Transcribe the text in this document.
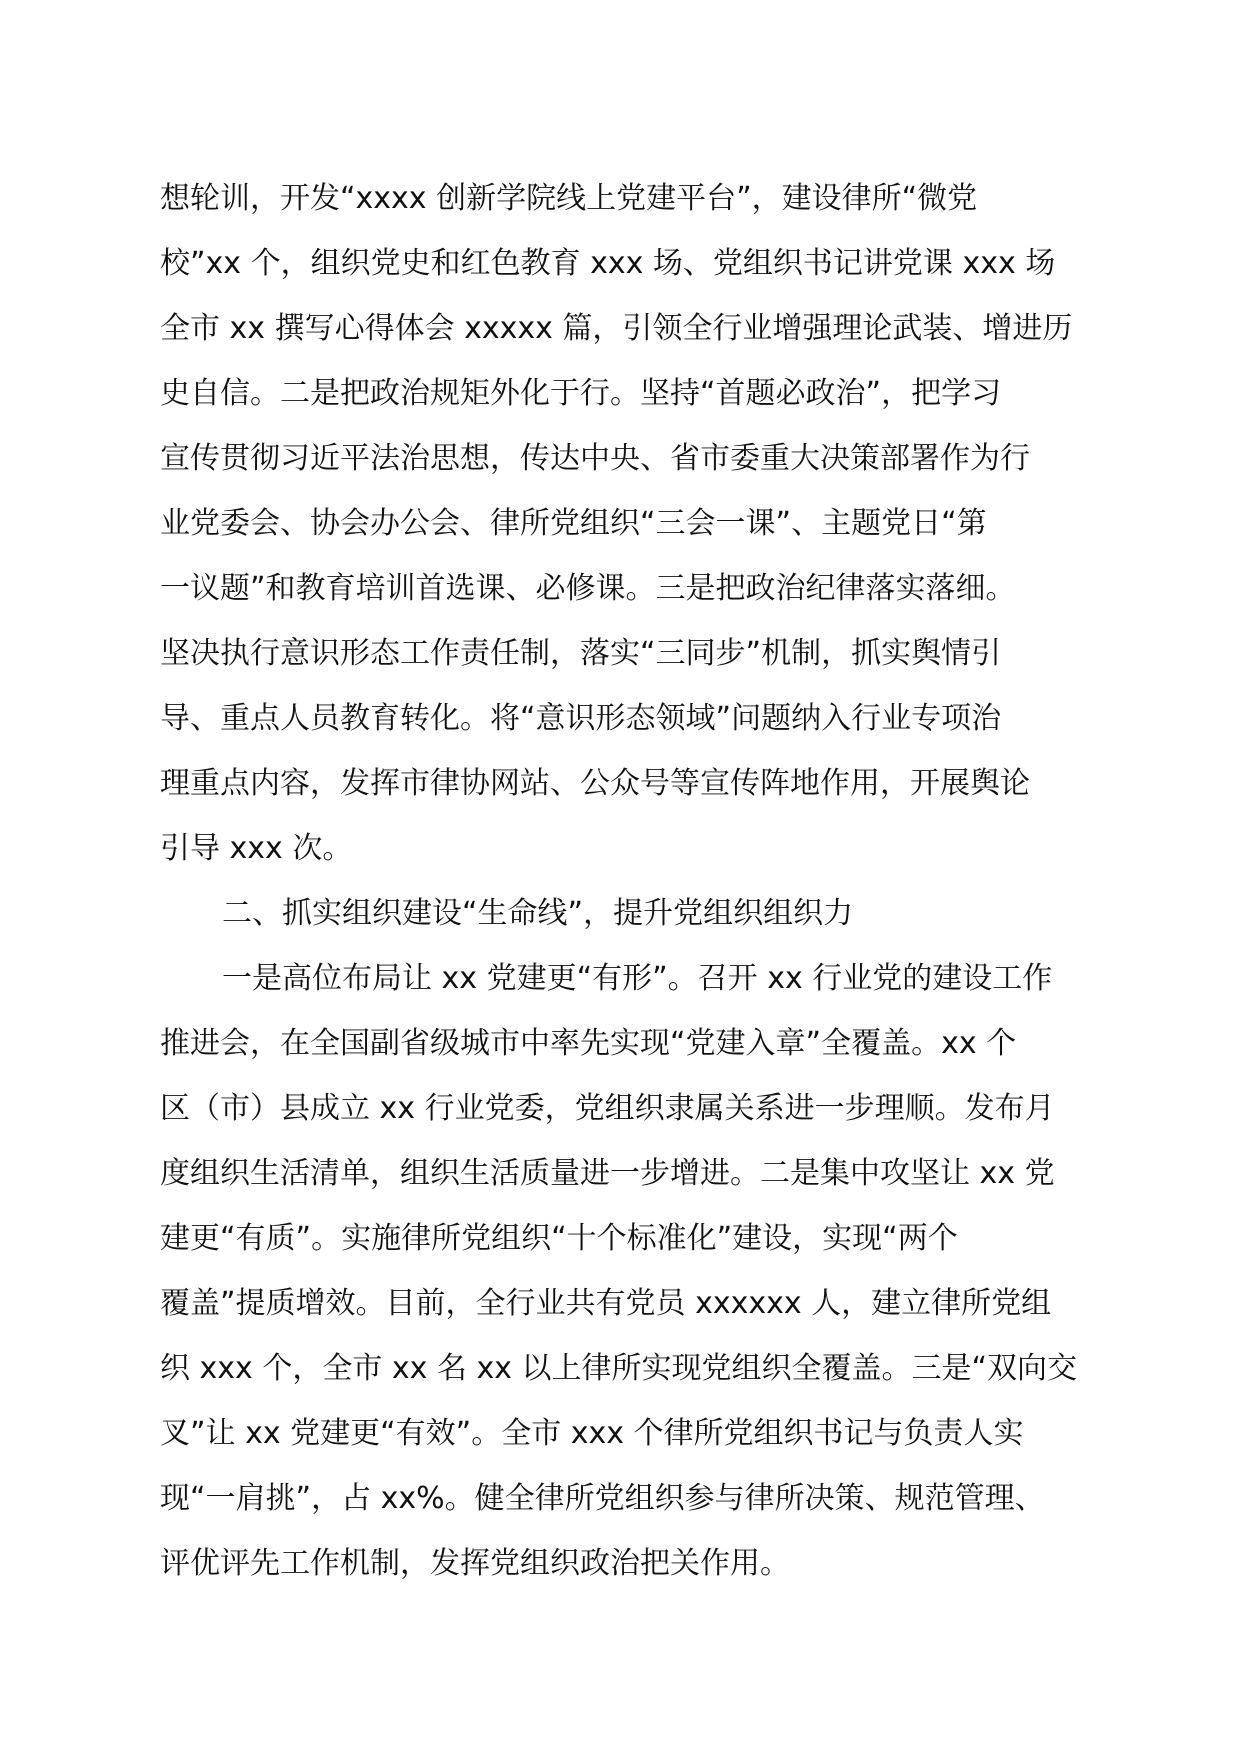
想轮训，开发“xxxx 创新学院线上党建平台”，建设律所“微党
校”xx 个，组织党史和红色教育 xxx 场、党组织书记讲党课 xxx 场
全市 xx 撰写心得体会 xxxxx 篇，引领全行业增强理论武装、增进历
史自信。二是把政治规矩外化于行。坚持“首题必政治”，把学习
宣传贯彻习近平法治思想，传达中央、省市委重大决策部署作为行
业党委会、协会办公会、律所党组织“三会一课”、主题党日“第
一议题”和教育培训首选课、必修课。三是把政治纪律落实落细。
坚决执行意识形态工作责任制，落实“三同步”机制，抓实舆情引
导、重点人员教育转化。将“意识形态领域”问题纳入行业专项治
理重点内容，发挥市律协网站、公众号等宣传阵地作用，开展舆论
引导 xxx 次。
二、抓实组织建设“生命线”，提升党组织组织力
一是高位布局让 xx 党建更“有形”。召开 xx 行业党的建设工作
推进会，在全国副省级城市中率先实现“党建入章”全覆盖。xx 个
区（市）县成立 xx 行业党委，党组织隶属关系进一步理顺。发布月
度组织生活清单，组织生活质量进一步增进。二是集中攻坚让 xx 党
建更“有质”。实施律所党组织“十个标准化”建设，实现“两个
覆盖”提质增效。目前，全行业共有党员 xxxxxx 人，建立律所党组
织 xxx 个，全市 xx 名 xx 以上律所实现党组织全覆盖。三是“双向交
叉”让 xx 党建更“有效”。全市 xxx 个律所党组织书记与负责人实
现“一肩挑”，占 xx%。健全律所党组织参与律所决策、规范管理、
评优评先工作机制，发挥党组织政治把关作用。
